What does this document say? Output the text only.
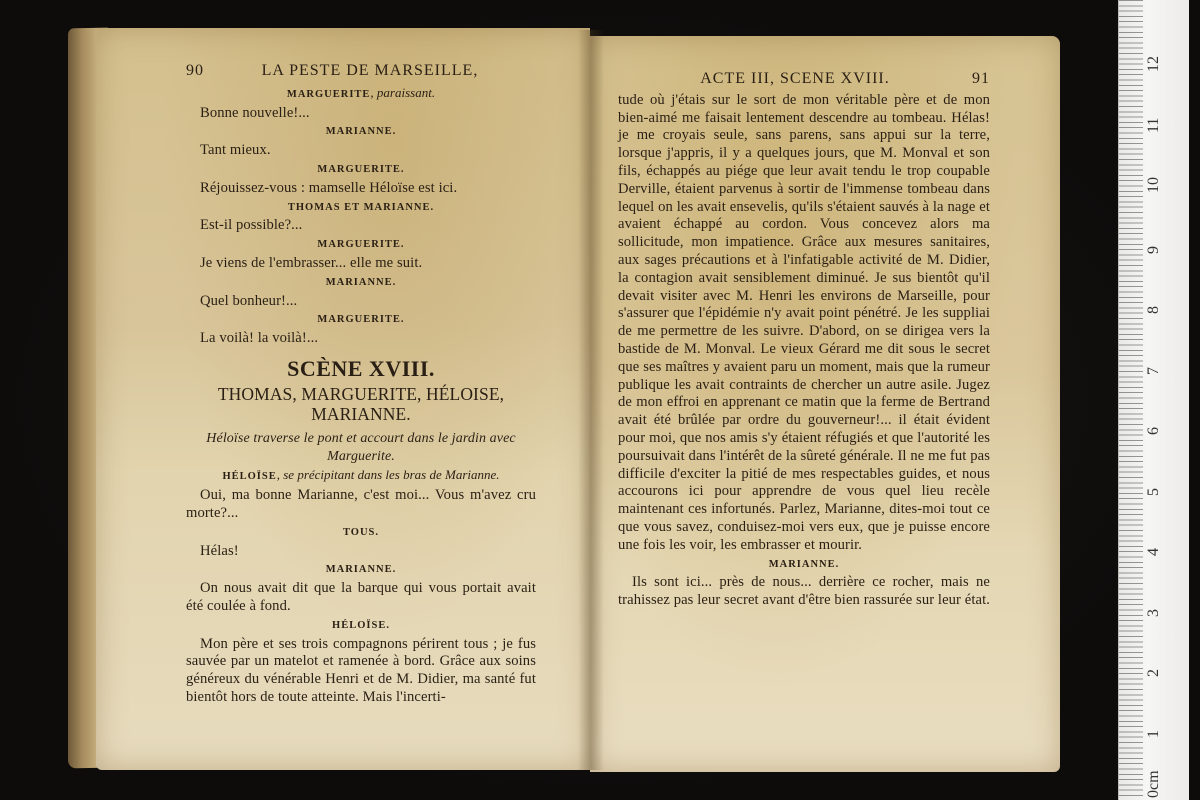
90	LA PESTE DE MARSEILLE,
MARGUERITE, paraissant.

Bonne nouvelle!...

MARIANNE.

Tant mieux.

MARGUERITE.

Réjouissez-vous : mamselle Héloïse est ici.

THOMAS ET MARIANNE.

Est-il possible?...

MARGUERITE.

Je viens de l'embrasser... elle me suit.

MARIANNE.

Quel bonheur!...

MARGUERITE.

La voilà! la voilà!...

SCÈNE XVIII.
THOMAS, MARGUERITE, HÉLOISE, MARIANNE.
Héloïse traverse le pont et accourt dans le jardin avec Marguerite.
HÉLOÏSE, se précipitant dans les bras de Marianne.

Oui, ma bonne Marianne, c'est moi... Vous m'avez cru morte?...

TOUS.

Hélas!

MARIANNE.

On nous avait dit que la barque qui vous portait avait été coulée à fond.

HÉLOÏSE.

Mon père et ses trois compagnons périrent tous ; je fus sauvée par un matelot et ramenée à bord. Grâce aux soins généreux du vénérable Henri et de M. Didier, ma santé fut bientôt hors de toute atteinte. Mais l'incerti-

ACTE III, SCENE XVIII.	91

tude où j'étais sur le sort de mon véritable père et de mon bien-aimé me faisait lentement descendre au tombeau. Hélas! je me croyais seule, sans parens, sans appui sur la terre, lorsque j'appris, il y a quelques jours, que M. Monval et son fils, échappés au piége que leur avait tendu le trop coupable Derville, étaient parvenus à sortir de l'immense tombeau dans lequel on les avait ensevelis, qu'ils s'étaient sauvés à la nage et avaient échappé au cordon. Vous concevez alors ma sollicitude, mon impatience. Grâce aux mesures sanitaires, aux sages précautions et à l'infatigable activité de M. Didier, la contagion avait sensiblement diminué. Je sus bientôt qu'il devait visiter avec M. Henri les environs de Marseille, pour s'assurer que l'épidémie n'y avait point pénétré. Je les suppliai de me permettre de les suivre. D'abord, on se dirigea vers la bastide de M. Monval. Le vieux Gérard me dit sous le secret que ses maîtres y avaient paru un moment, mais que la rumeur publique les avait contraints de chercher un autre asile. Jugez de mon effroi en apprenant ce matin que la ferme de Bertrand avait été brûlée par ordre du gouverneur!... il était évident pour moi, que nos amis s'y étaient réfugiés et que l'autorité les poursuivait dans l'intérêt de la sûreté générale. Il ne me fut pas difficile d'exciter la pitié de mes respectables guides, et nous accourons ici pour apprendre de vous quel lieu recèle maintenant ces infortunés. Parlez, Marianne, dites-moi tout ce que vous savez, conduisez-moi vers eux, que je puisse encore une fois les voir, les embrasser et mourir.

MARIANNE.

Ils sont ici... près de nous... derrière ce rocher, mais ne trahissez pas leur secret avant d'être bien rassurée sur leur état.

12
11
10
9
8
7
6
5
4
3
2
1
0cm
